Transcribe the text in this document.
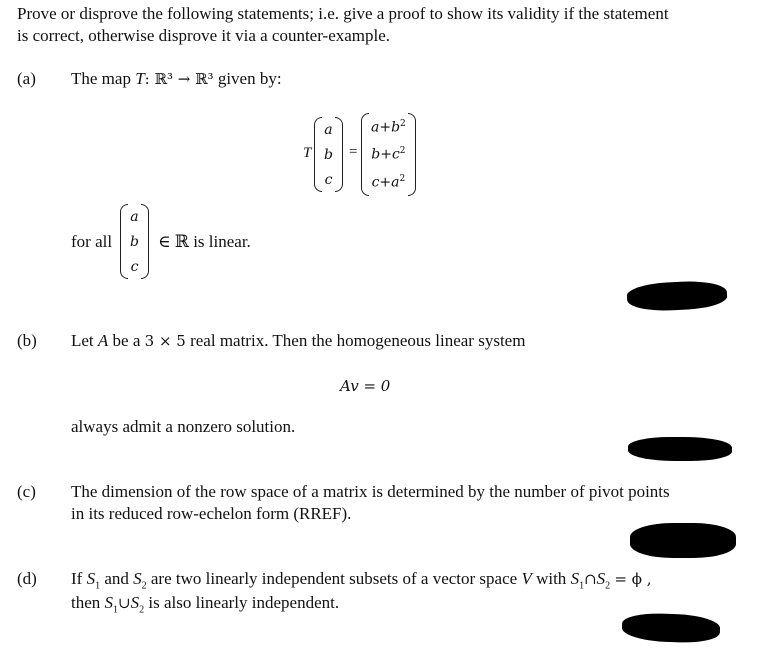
Prove or disprove the following statements; i.e. give a proof to show its validity if the statement
is correct, otherwise disprove it via a counter-example.
(a) The map T: ℝ³ → ℝ³ given by:
T
a
b
c
=
$a+b^2$
$b+c^2$
$c+a^2$
for all
a
b
c
∈ ℝ is linear.
(b) Let A be a 3 × 5 real matrix. Then the homogeneous linear system
Av = 0
always admit a nonzero solution.
(c) The dimension of the row space of a matrix is determined by the number of pivot points
in its reduced row-echelon form (RREF).
(d) If $S_1$ and $S_2$ are two linearly independent subsets of a vector space V with $S_1\cap S_2 = \phi$ ,
then $S_1\cup S_2$ is also linearly independent.
